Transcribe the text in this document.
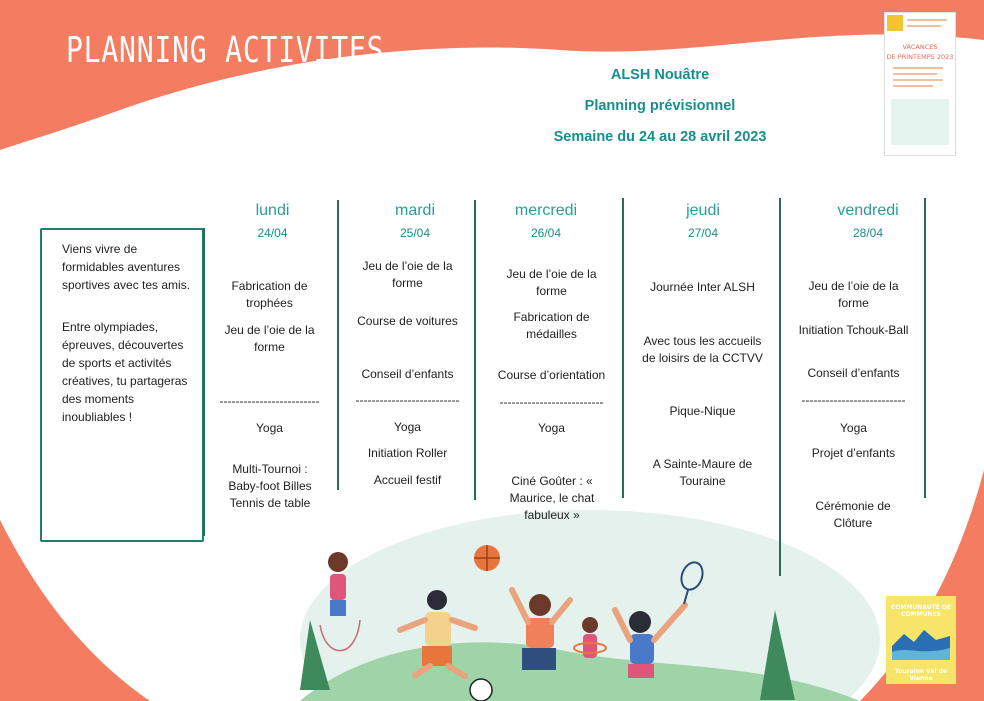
PLANNING ACTIVITES
ALSH Nouâtre
Planning prévisionnel
Semaine du 24 au 28 avril 2023
VACANCES
DE PRINTEMPS 2023

Viens vivre de formidables aventures sportives avec tes amis.

Entre olympiades, épreuves, découvertes de sports et activités créatives, tu partageras des moments inoubliables !

lundi
24/04
Fabrication de trophées
Jeu de l’oie de la forme
-------------------------
Yoga
Multi-Tournoi : Baby-foot Billes Tennis de table
mardi
25/04
Jeu de l’oie de la forme
Course de voitures
Conseil d’enfants
--------------------------
Yoga
Initiation Roller
Accueil festif
mercredi
26/04
Jeu de l’oie de la forme
Fabrication de médailles
Course d’orientation
--------------------------
Yoga
Ciné Goûter : « Maurice, le chat fabuleux »
jeudi
27/04
Journée Inter ALSH
Avec tous les accueils de loisirs de la CCTVV
Pique-Nique
A Sainte-Maure de Touraine
vendredi
28/04
Jeu de l’oie de la forme
Initiation Tchouk-Ball
Conseil d’enfants
--------------------------
Yoga
Projet d’enfants
Cérémonie de Clôture
COMMUNAUTÉ DE COMMUNES
Touraine Val de Vienne
